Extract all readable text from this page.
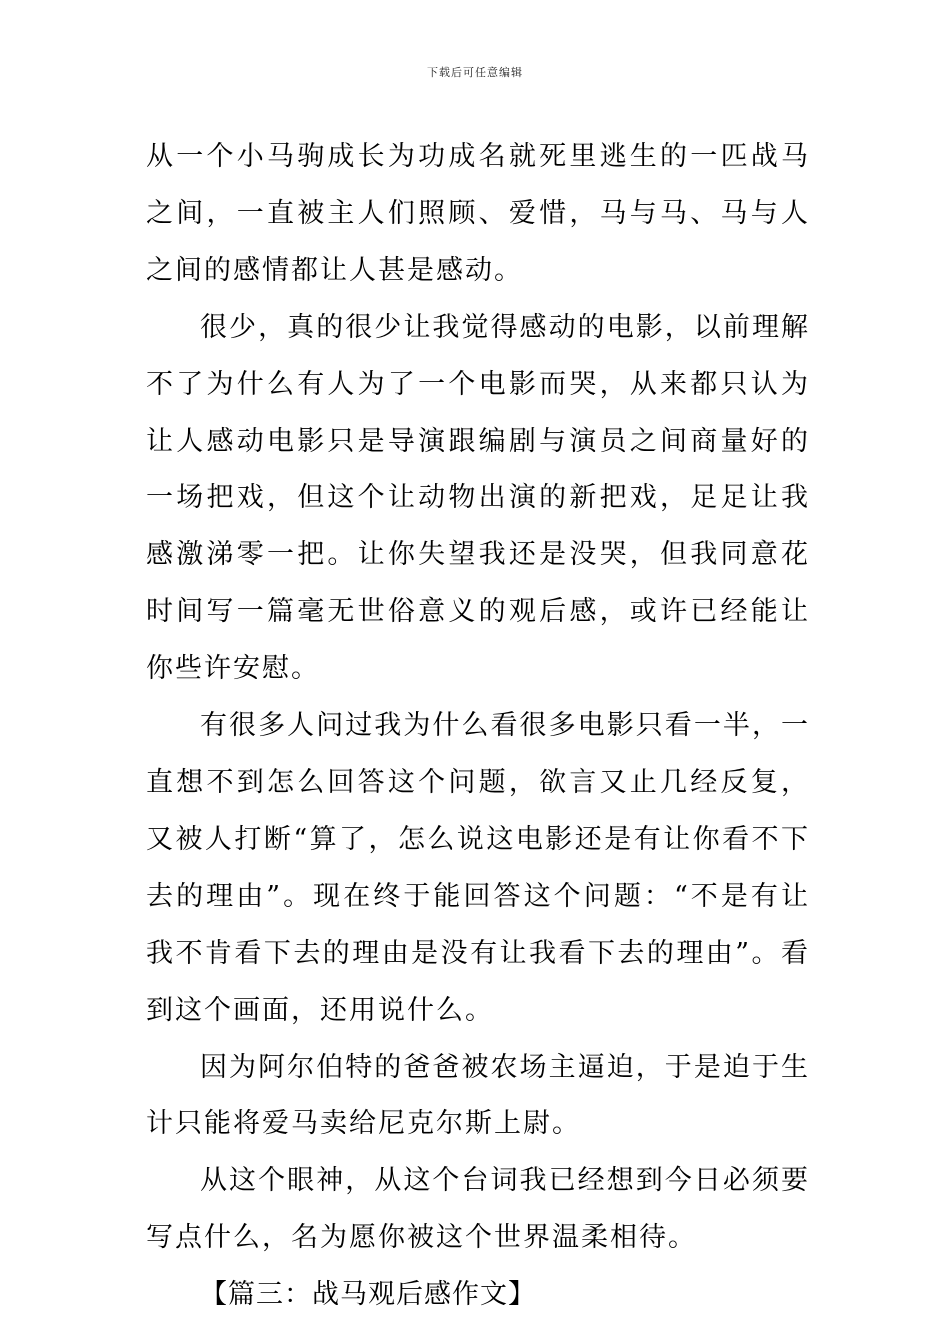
下载后可任意编辑

从一个小马驹成长为功成名就死里逃生的一匹战马之间，一直被主人们照顾、爱惜，马与马、马与人之间的感情都让人甚是感动。

很少，真的很少让我觉得感动的电影，以前理解不了为什么有人为了一个电影而哭，从来都只认为让人感动电影只是导演跟编剧与演员之间商量好的一场把戏，但这个让动物出演的新把戏，足足让我感激涕零一把。让你失望我还是没哭，但我同意花时间写一篇毫无世俗意义的观后感，或许已经能让你些许安慰。

有很多人问过我为什么看很多电影只看一半，一直想不到怎么回答这个问题，欲言又止几经反复，又被人打断“算了，怎么说这电影还是有让你看不下去的理由”。现在终于能回答这个问题：“不是有让我不肯看下去的理由是没有让我看下去的理由”。看到这个画面，还用说什么。

因为阿尔伯特的爸爸被农场主逼迫，于是迫于生计只能将爱马卖给尼克尔斯上尉。

从这个眼神，从这个台词我已经想到今日必须要写点什么，名为愿你被这个世界温柔相待。

【篇三：战马观后感作文】
